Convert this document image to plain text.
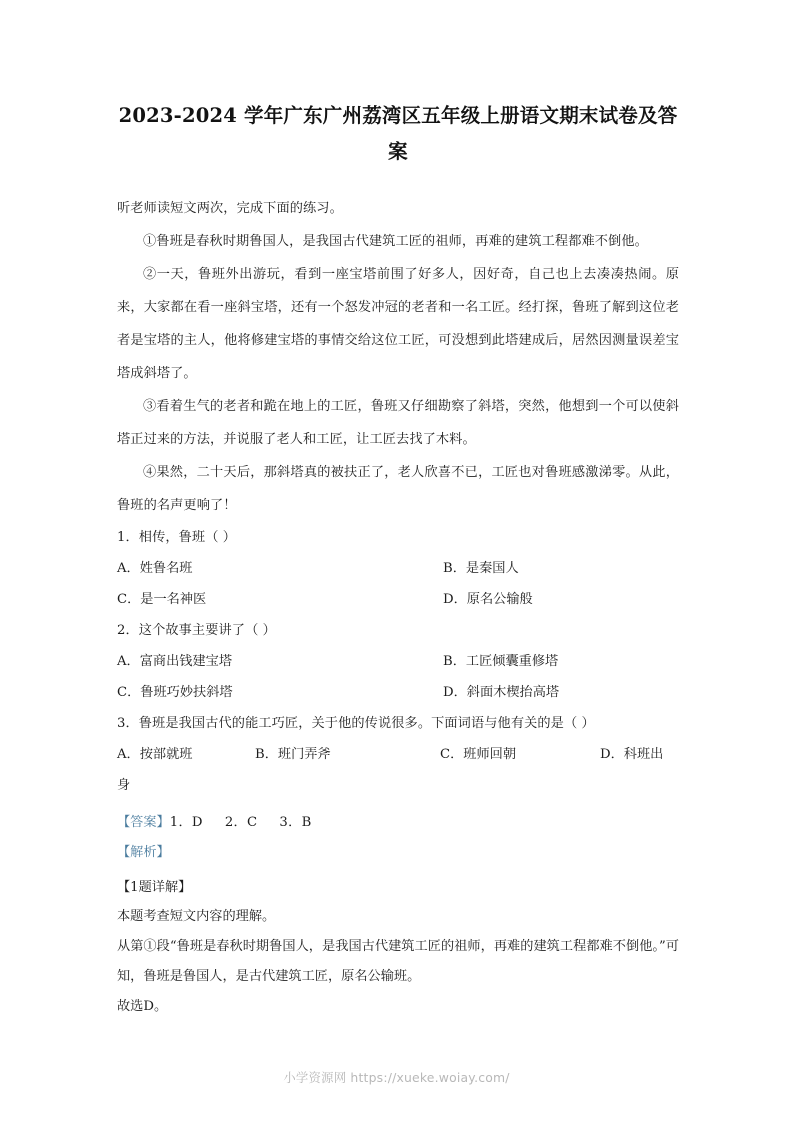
2023-2024 学年广东广州荔湾区五年级上册语文期末试卷及答案

听老师读短文两次，完成下面的练习。

①鲁班是春秋时期鲁国人，是我国古代建筑工匠的祖师，再难的建筑工程都难不倒他。

②一天，鲁班外出游玩，看到一座宝塔前围了好多人，因好奇，自己也上去凑凑热闹。原来，大家都在看一座斜宝塔，还有一个怒发冲冠的老者和一名工匠。经打探，鲁班了解到这位老者是宝塔的主人，他将修建宝塔的事情交给这位工匠，可没想到此塔建成后，居然因测量误差宝塔成斜塔了。

③看着生气的老者和跪在地上的工匠，鲁班又仔细勘察了斜塔，突然，他想到一个可以使斜塔正过来的方法，并说服了老人和工匠，让工匠去找了木料。

④果然，二十天后，那斜塔真的被扶正了，老人欣喜不已，工匠也对鲁班感激涕零。从此，鲁班的名声更响了！

1．相传，鲁班（ ）

A．姓鲁名班	B．是秦国人
C．是一名神医	D．原名公输般

2．这个故事主要讲了（ ）

A．富商出钱建宝塔	B．工匠倾囊重修塔
C．鲁班巧妙扶斜塔	D．斜面木楔抬高塔

3．鲁班是我国古代的能工巧匠，关于他的传说很多。下面词语与他有关的是（ ）

A．按部就班	B．班门弄斧	C．班师回朝	D．科班出

身

【答案】1．D 2．C 3．B

【解析】

【1题详解】

本题考查短文内容的理解。

从第①段“鲁班是春秋时期鲁国人，是我国古代建筑工匠的祖师，再难的建筑工程都难不倒他。”可知，鲁班是鲁国人，是古代建筑工匠，原名公输班。

故选D。

小学资源网 https://xueke.woiay.com/
